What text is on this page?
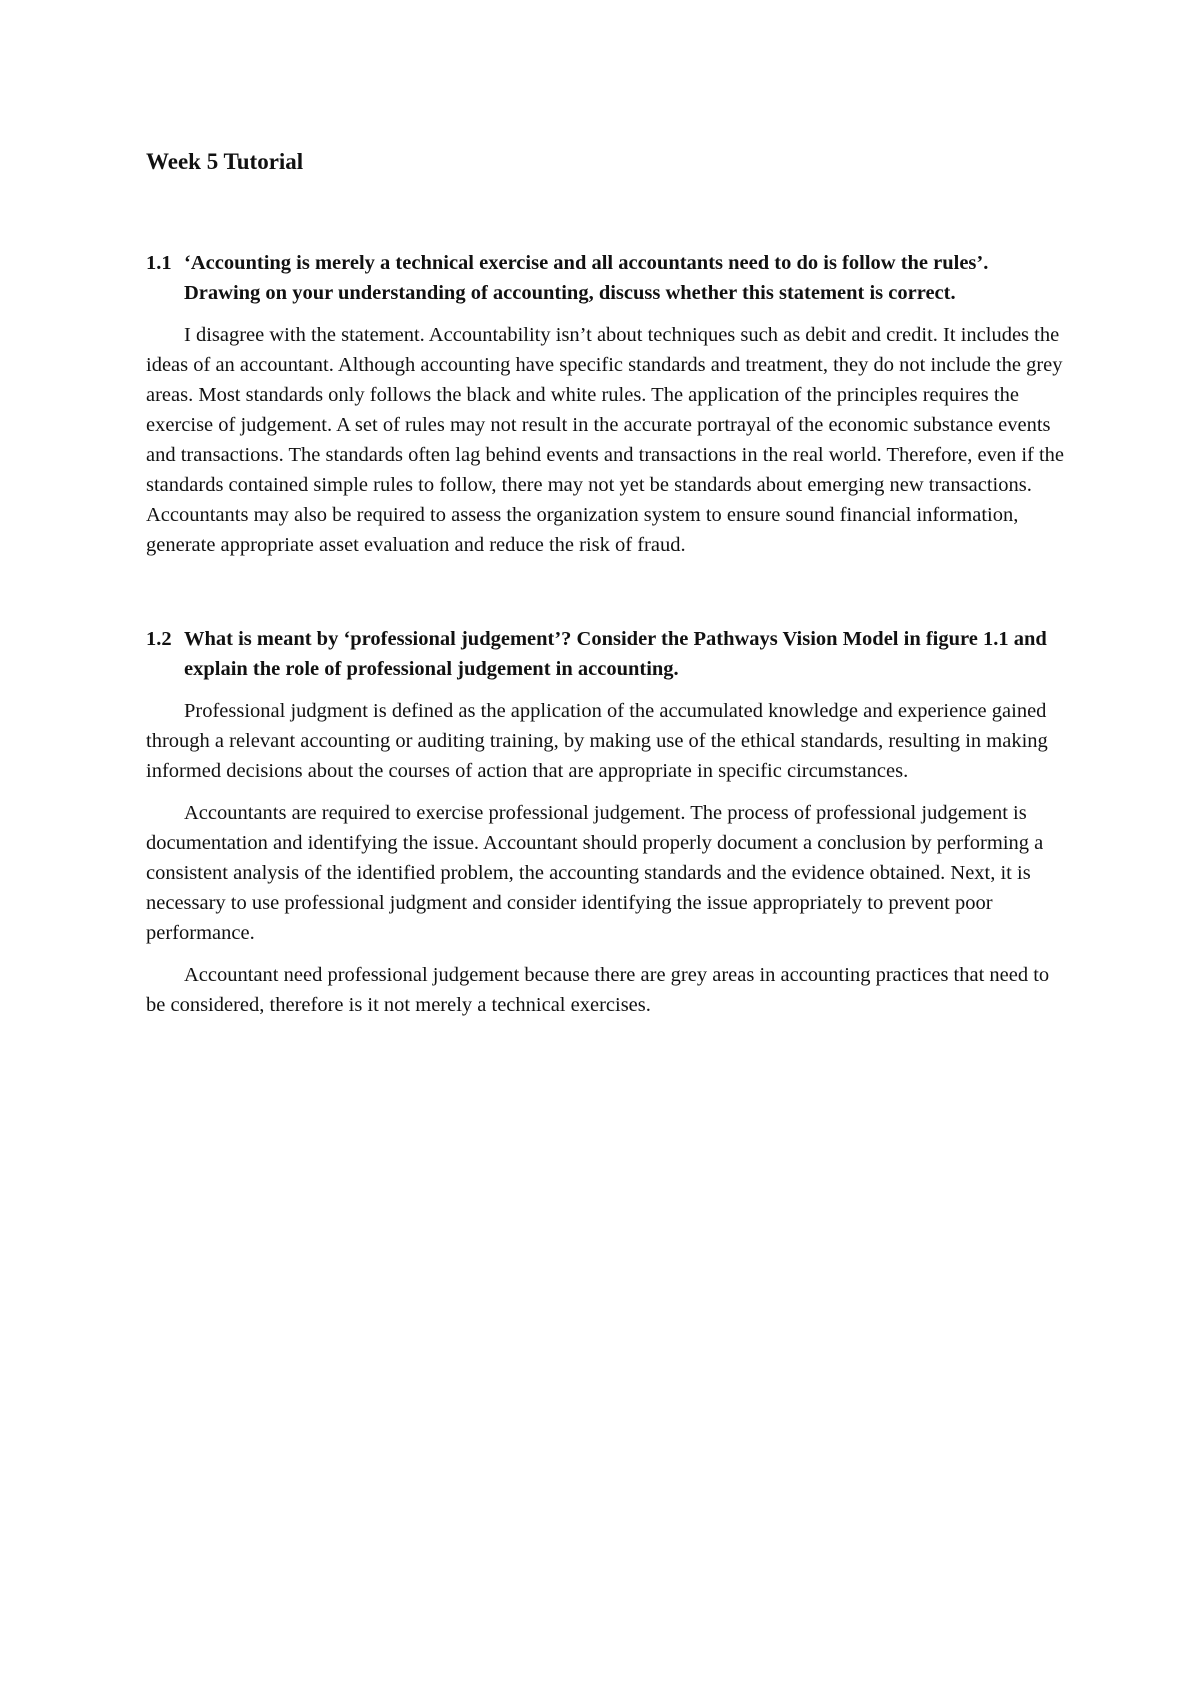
Week 5 Tutorial
1.1 ‘Accounting is merely a technical exercise and all accountants need to do is follow the rules’. Drawing on your understanding of accounting, discuss whether this statement is correct.

I disagree with the statement. Accountability isn’t about techniques such as debit and credit. It includes the ideas of an accountant. Although accounting have specific standards and treatment, they do not include the grey areas. Most standards only follows the black and white rules. The application of the principles requires the exercise of judgement. A set of rules may not result in the accurate portrayal of the economic substance events and transactions. The standards often lag behind events and transactions in the real world. Therefore, even if the standards contained simple rules to follow, there may not yet be standards about emerging new transactions. Accountants may also be required to assess the organization system to ensure sound financial information, generate appropriate asset evaluation and reduce the risk of fraud.

1.2 What is meant by ‘professional judgement’? Consider the Pathways Vision Model in figure 1.1 and explain the role of professional judgement in accounting.

Professional judgment is defined as the application of the accumulated knowledge and experience gained through a relevant accounting or auditing training, by making use of the ethical standards, resulting in making informed decisions about the courses of action that are appropriate in specific circumstances.

Accountants are required to exercise professional judgement. The process of professional judgement is documentation and identifying the issue. Accountant should properly document a conclusion by performing a consistent analysis of the identified problem, the accounting standards and the evidence obtained. Next, it is necessary to use professional judgment and consider identifying the issue appropriately to prevent poor performance.

Accountant need professional judgement because there are grey areas in accounting practices that need to be considered, therefore is it not merely a technical exercises.
